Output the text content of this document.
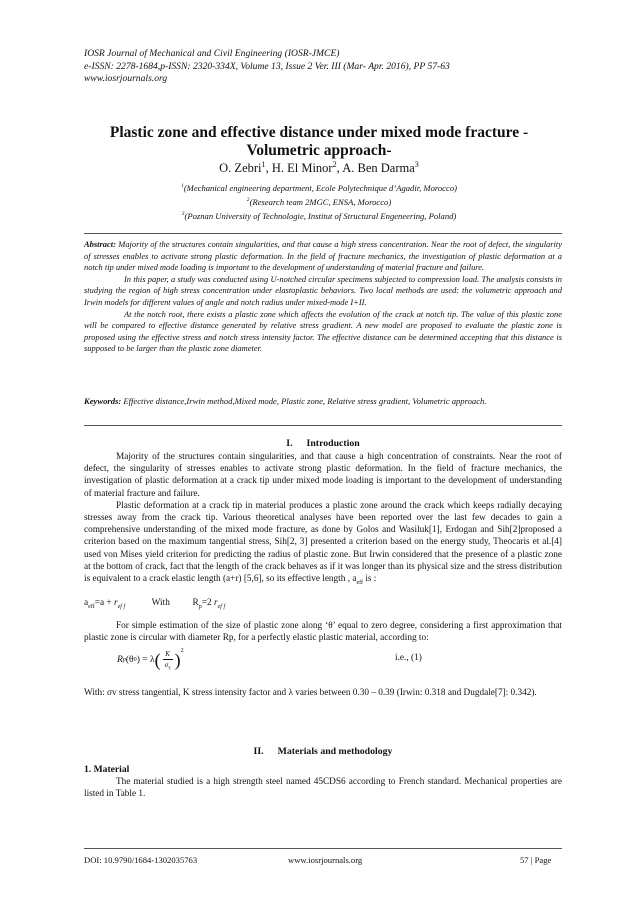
IOSR Journal of Mechanical and Civil Engineering (IOSR-JMCE)
e-ISSN: 2278-1684,p-ISSN: 2320-334X, Volume 13, Issue 2 Ver. III (Mar- Apr. 2016), PP 57-63
www.iosrjournals.org
Plastic zone and effective distance under mixed mode fracture -
Volumetric approach-
O. Zebri$^1$, H. El Minor$^2$, A. Ben Darma$^3$
$^1$(Mechanical engineering department, Ecole Polytechnique d’Agadir, Morocco)
$^2$(Research team 2MGC, ENSA, Morocco)
$^3$(Poznan University of Technologie, Institut of Structural Engeneering, Poland)

Abstract: Majority of the structures contain singularities, and that cause a high stress concentration. Near the root of defect, the singularity of stresses enables to activate strong plastic deformation. In the field of fracture mechanics, the investigation of plastic deformation at a notch tip under mixed mode loading is important to the development of understanding of material fracture and failure.

In this paper, a study was conducted using U-notched circular specimens subjected to compression load. The analysis consists in studying the region of high stress concentration under elastoplastic behaviors. Two local methods are used: the volumetric approach and Irwin models for different values of angle and notch radius under mixed-mode I+II.

At the notch root, there exists a plastic zone which affects the evolution of the crack at notch tip. The value of this plastic zone will be compared to effective distance generated by relative stress gradient. A new model are proposed to evaluate the plastic zone is proposed using the effective stress and notch stress intensity factor. The effective distance can be determined accepting that this distance is supposed to be larger than the plastic zone diameter.

Keywords: Effective distance,Irwin method,Mixed mode, Plastic zone, Relative stress gradient, Volumetric approach.
I. Introduction

Majority of the structures contain singularities, and that cause a high concentration of constraints. Near the root of defect, the singularity of stresses enables to activate strong plastic deformation. In the field of fracture mechanics, the investigation of plastic deformation at a crack tip under mixed mode loading is important to the development of understanding of material fracture and failure.

Plastic deformation at a crack tip in material produces a plastic zone around the crack which keeps radially decaying stresses away from the crack tip. Various theoretical analyses have been reported over the last few decades to gain a comprehensive understanding of the mixed mode fracture, as done by Golos and Wasiluk[1], Erdogan and Sih[2]proposed a criterion based on the maximum tangential stress, Sih[2, 3] presented a criterion based on the energy study, Theocaris et al.[4] used von Mises yield criterion for predicting the radius of plastic zone. But Irwin considered that the presence of a plastic zone at the bottom of crack, fact that the length of the crack behaves as if it was longer than its physical size and the stress distribution is equivalent to a crack elastic length (a+r) [5,6], so its effective length , $a_{eff}$ is :

$a_{eff}=a + r_{ef f}$	With $R_p=2$ $r_{ef f}$

For simple estimation of the size of plastic zone along ‘θ’ equal to zero degree, considering a first approximation that plastic zone is circular with diameter Rp, for a perfectly elastic plastic material, according to:

R p (θ 0 ) = λ ( $\frac{K}{\sigma_Y}$ ) 2
i.e., (1)

With: σv stress tangential, K stress intensity factor and λ varies between 0.30 – 0.39 (Irwin: 0.318 and Dugdale[7]: 0.342).

II. Materials and methodology
1. Material

The material studied is a high strength steel named 45CDS6 according to French standard. Mechanical properties are listed in Table 1.

DOI: 10.9790/1684-1302035763	www.iosrjournals.org	57 | Page
